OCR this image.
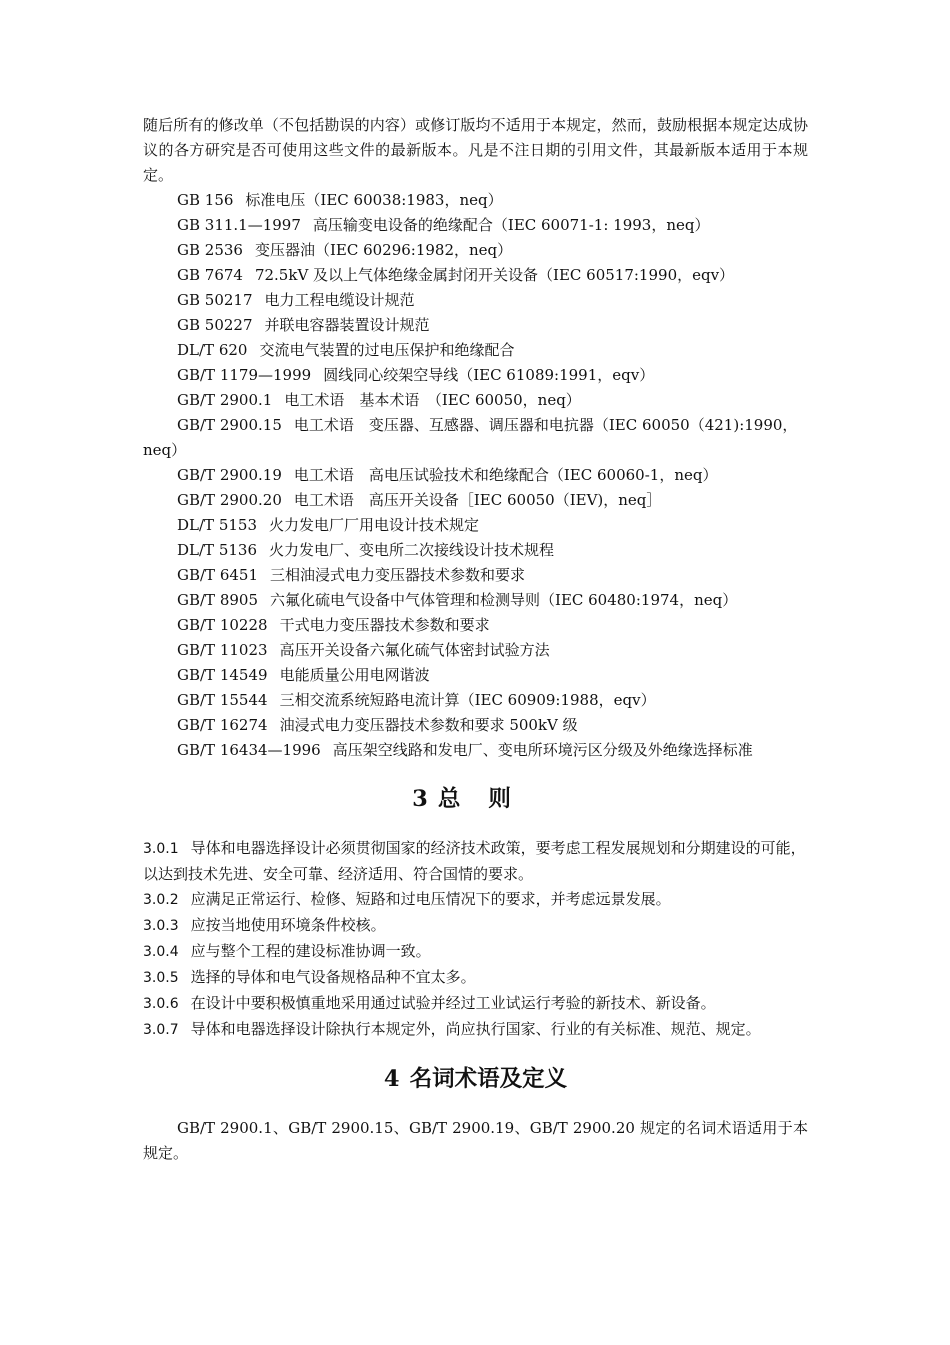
随后所有的修改单（不包括勘误的内容）或修订版均不适用于本规定，然而，鼓励根据本规定达成协议的各方研究是否可使用这些文件的最新版本。凡是不注日期的引用文件，其最新版本适用于本规定。

GB 156 标准电压（IEC 60038:1983，neq）
GB 311.1—1997 高压输变电设备的绝缘配合（IEC 60071-1: 1993，neq）
GB 2536 变压器油（IEC 60296:1982，neq）
GB 7674 72.5kV 及以上气体绝缘金属封闭开关设备（IEC 60517:1990，eqv）
GB 50217 电力工程电缆设计规范
GB 50227 并联电容器装置设计规范
DL/T 620 交流电气装置的过电压保护和绝缘配合
GB/T 1179—1999 圆线同心绞架空导线（IEC 61089:1991，eqv）
GB/T 2900.1 电工术语　基本术语　（IEC 60050，neq）
GB/T 2900.15 电工术语　变压器、互感器、调压器和电抗器（IEC 60050（421):1990，neq）
GB/T 2900.19 电工术语　高电压试验技术和绝缘配合（IEC 60060-1，neq）
GB/T 2900.20 电工术语　高压开关设备［IEC 60050（IEV)，neq］
DL/T 5153 火力发电厂厂用电设计技术规定
DL/T 5136 火力发电厂、变电所二次接线设计技术规程
GB/T 6451 三相油浸式电力变压器技术参数和要求
GB/T 8905 六氟化硫电气设备中气体管理和检测导则（IEC 60480:1974，neq）
GB/T 10228 干式电力变压器技术参数和要求
GB/T 11023 高压开关设备六氟化硫气体密封试验方法
GB/T 14549 电能质量公用电网谐波
GB/T 15544 三相交流系统短路电流计算（IEC 60909:1988，eqv）
GB/T 16274 油浸式电力变压器技术参数和要求 500kV 级
GB/T 16434—1996 高压架空线路和发电厂、变电所环境污区分级及外绝缘选择标准
3 总则

3.0.1 导体和电器选择设计必须贯彻国家的经济技术政策，要考虑工程发展规划和分期建设的可能，以达到技术先进、安全可靠、经济适用、符合国情的要求。

3.0.2 应满足正常运行、检修、短路和过电压情况下的要求，并考虑远景发展。

3.0.3 应按当地使用环境条件校核。

3.0.4 应与整个工程的建设标准协调一致。

3.0.5 选择的导体和电气设备规格品种不宜太多。

3.0.6 在设计中要积极慎重地采用通过试验并经过工业试运行考验的新技术、新设备。

3.0.7 导体和电器选择设计除执行本规定外，尚应执行国家、行业的有关标准、规范、规定。

4 名词术语及定义

GB/T 2900.1、GB/T 2900.15、GB/T 2900.19、GB/T 2900.20 规定的名词术语适用于本规定。
